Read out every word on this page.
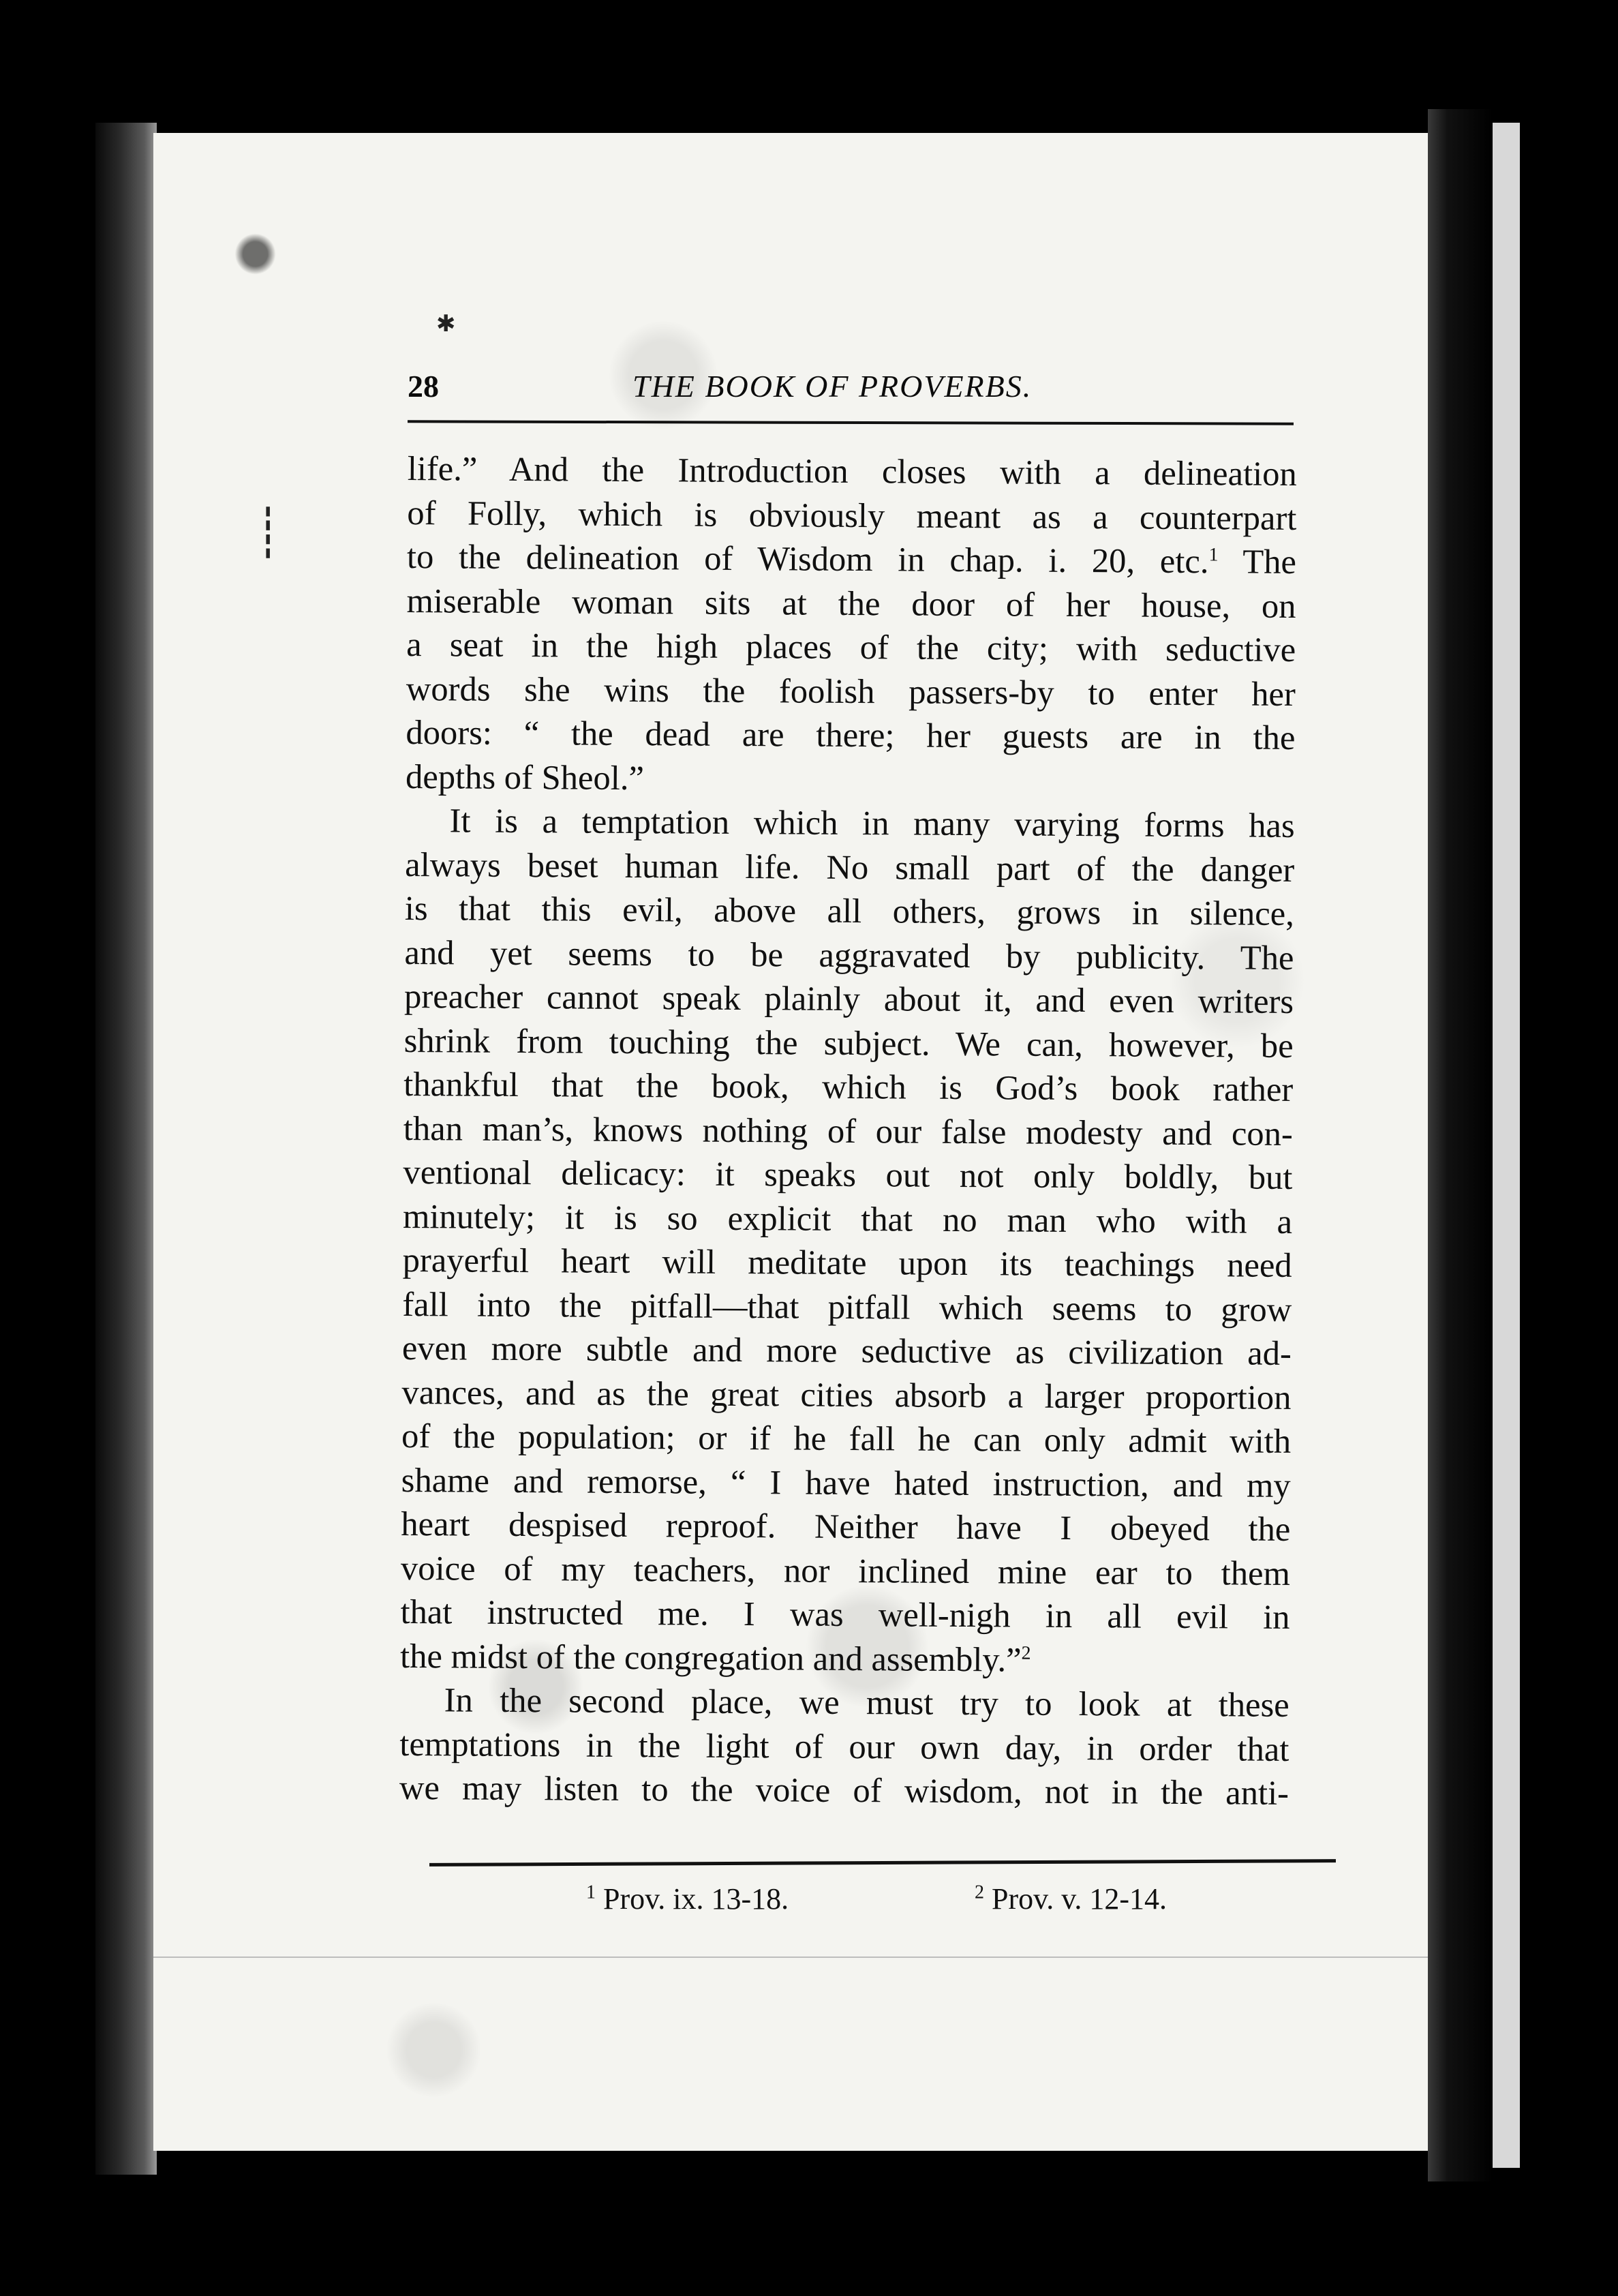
✱
┊
28	THE BOOK OF PROVERBS.
life.” And the Introduction closes with a delineation
of Folly, which is obviously meant as a counterpart
to the delineation of Wisdom in chap. i. 20, etc.$^1$ The
miserable woman sits at the door of her house, on
a seat in the high places of the city; with seductive
words she wins the foolish passers-by to enter her
doors: “ the dead are there; her guests are in the
depths of Sheol.”
It is a temptation which in many varying forms has
always beset human life. No small part of the danger
is that this evil, above all others, grows in silence,
and yet seems to be aggravated by publicity. The
preacher cannot speak plainly about it, and even writers
shrink from touching the subject. We can, however, be
thankful that the book, which is God’s book rather
than man’s, knows nothing of our false modesty and con-
ventional delicacy: it speaks out not only boldly, but
minutely; it is so explicit that no man who with a
prayerful heart will meditate upon its teachings need
fall into the pitfall—that pitfall which seems to grow
even more subtle and more seductive as civilization ad-
vances, and as the great cities absorb a larger proportion
of the population; or if he fall he can only admit with
shame and remorse, “ I have hated instruction, and my
heart despised reproof. Neither have I obeyed the
voice of my teachers, nor inclined mine ear to them
that instructed me. I was well-nigh in all evil in
the midst of the congregation and assembly.”$^2$
In the second place, we must try to look at these
temptations in the light of our own day, in order that
we may listen to the voice of wisdom, not in the anti-
$^1$ Prov. ix. 13-18.	$^2$ Prov. v. 12-14.
